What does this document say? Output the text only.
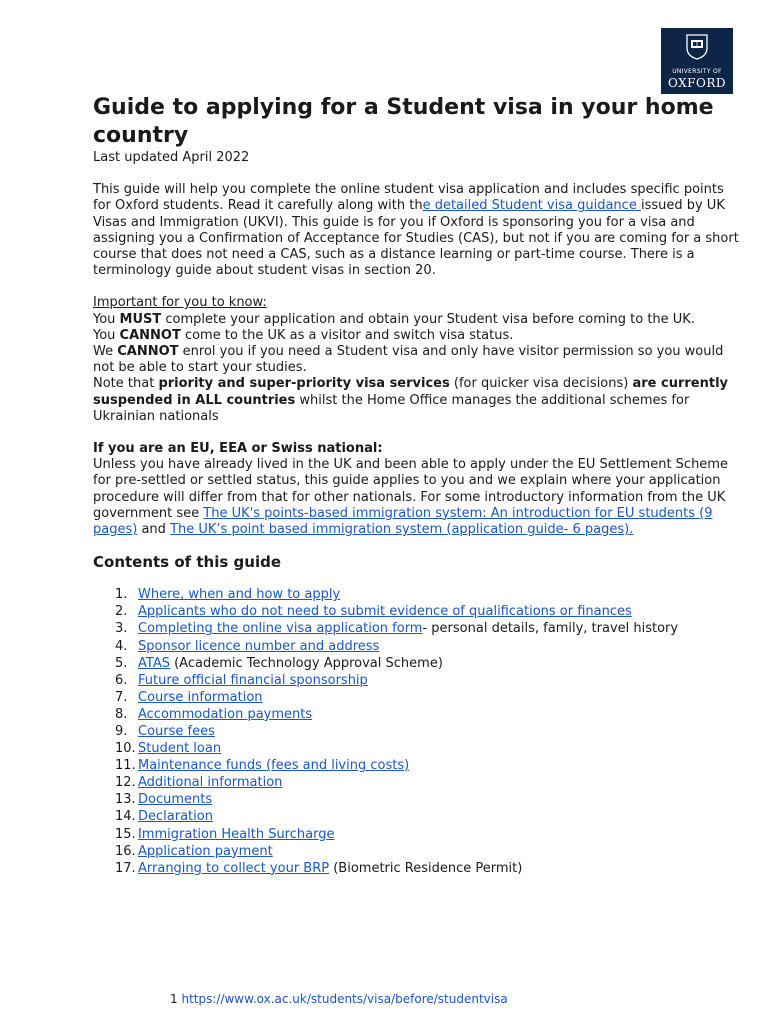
UNIVERSITY OF
OXFORD
Guide to applying for a Student visa in your home country

Last updated April 2022

This guide will help you complete the online student visa application and includes specific points for Oxford students. Read it carefully along with the detailed Student visa guidance issued by UK Visas and Immigration (UKVI). This guide is for you if Oxford is sponsoring you for a visa and assigning you a Confirmation of Acceptance for Studies (CAS), but not if you are coming for a short course that does not need a CAS, such as a distance learning or part-time course. There is a terminology guide about student visas in section 20.

Important for you to know:

You MUST complete your application and obtain your Student visa before coming to the UK.

You CANNOT come to the UK as a visitor and switch visa status.

We CANNOT enrol you if you need a Student visa and only have visitor permission so you would not be able to start your studies.

Note that priority and super-priority visa services (for quicker visa decisions) are currently suspended in ALL countries whilst the Home Office manages the additional schemes for Ukrainian nationals

If you are an EU, EEA or Swiss national:

Unless you have already lived in the UK and been able to apply under the EU Settlement Scheme for pre-settled or settled status, this guide applies to you and we explain where your application procedure will differ from that for other nationals. For some introductory information from the UK government see The UK's points-based immigration system: An introduction for EU students (9 pages) and The UK’s point based immigration system (application guide- 6 pages).

Contents of this guide
1. Where, when and how to apply
2. Applicants who do not need to submit evidence of qualifications or finances
3. Completing the online visa application form- personal details, family, travel history
4. Sponsor licence number and address
5. ATAS (Academic Technology Approval Scheme)
6. Future official financial sponsorship
7. Course information
8. Accommodation payments
9. Course fees
10. Student loan
11. Maintenance funds (fees and living costs)
12. Additional information
13. Documents
14. Declaration
15. Immigration Health Surcharge
16. Application payment
17. Arranging to collect your BRP (Biometric Residence Permit)
1 https://www.ox.ac.uk/students/visa/before/studentvisa
